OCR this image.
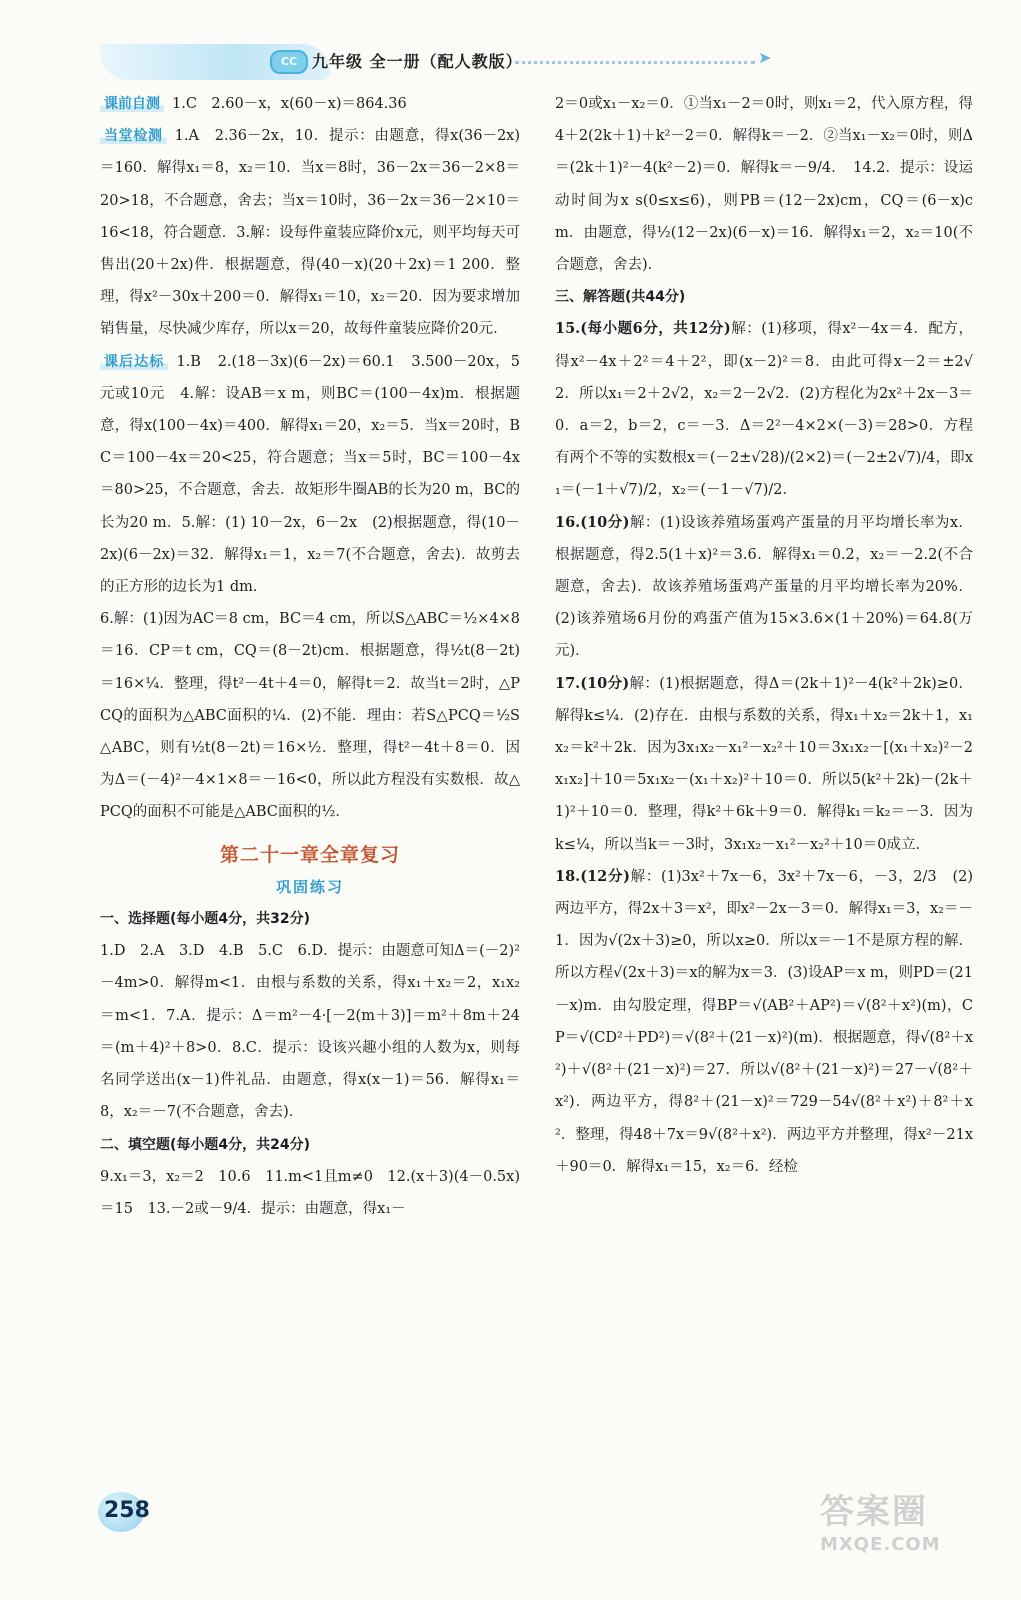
CC 九年级 全一册（配人教版）	➤

课前自测 1.C　2.60－x，x(60－x)＝864.36

当堂检测 1.A　2.36－2x，10．提示：由题意，得x(36－2x)＝160．解得x₁＝8，x₂＝10．当x＝8时，36－2x＝36－2×8＝20>18，不合题意，舍去；当x＝10时，36－2x＝36－2×10＝16<18，符合题意．3.解：设每件童装应降价x元，则平均每天可售出(20＋2x)件．根据题意，得(40－x)(20＋2x)＝1 200．整理，得x²－30x＋200＝0．解得x₁＝10，x₂＝20．因为要求增加销售量，尽快减少库存，所以x＝20，故每件童装应降价20元．

课后达标 1.B　2.(18－3x)(6－2x)＝60.1　3.500－20x，5元或10元　4.解：设AB＝x m，则BC＝(100－4x)m．根据题意，得x(100－4x)＝400．解得x₁＝20，x₂＝5．当x＝20时，BC＝100－4x＝20<25，符合题意；当x＝5时，BC＝100－4x＝80>25，不合题意，舍去．故矩形牛圈AB的长为20 m，BC的长为20 m．5.解：(1) 10－2x，6－2x　(2)根据题意，得(10－2x)(6－2x)＝32．解得x₁＝1，x₂＝7(不合题意，舍去)．故剪去的正方形的边长为1 dm．

6.解：(1)因为AC＝8 cm，BC＝4 cm，所以S△ABC＝½×4×8＝16．CP＝t cm，CQ＝(8－2t)cm．根据题意，得½t(8－2t)＝16×¼．整理，得t²－4t＋4＝0，解得t＝2．故当t＝2时，△PCQ的面积为△ABC面积的¼．(2)不能．理由：若S△PCQ＝½S△ABC，则有½t(8－2t)＝16×½．整理，得t²－4t＋8＝0．因为Δ＝(－4)²－4×1×8＝－16<0，所以此方程没有实数根．故△PCQ的面积不可能是△ABC面积的½．

第二十一章全章复习
巩固练习

一、选择题(每小题4分，共32分)

1.D　2.A　3.D　4.B　5.C　6.D．提示：由题意可知Δ＝(－2)²－4m>0．解得m<1．由根与系数的关系，得x₁＋x₂＝2，x₁x₂＝m<1．7.A．提示：Δ＝m²－4·[－2(m＋3)]＝m²＋8m＋24＝(m＋4)²＋8>0．8.C．提示：设该兴趣小组的人数为x，则每名同学送出(x－1)件礼品．由题意，得x(x－1)＝56．解得x₁＝8，x₂＝－7(不合题意，舍去)．

二、填空题(每小题4分，共24分)

9.x₁＝3，x₂＝2　10.6　11.m<1且m≠0　12.(x＋3)(4－0.5x)＝15　13.－2或－9/4．提示：由题意，得x₁－

2＝0或x₁－x₂＝0．①当x₁－2＝0时，则x₁＝2，代入原方程，得4＋2(2k＋1)＋k²－2＝0．解得k＝－2．②当x₁－x₂＝0时，则Δ＝(2k＋1)²－4(k²－2)＝0．解得k＝－9/4．　14.2．提示：设运动时间为x s(0≤x≤6)，则PB＝(12－2x)cm，CQ＝(6－x)cm．由题意，得½(12－2x)(6－x)＝16．解得x₁＝2，x₂＝10(不合题意，舍去)．

三、解答题(共44分)

15.(每小题6分，共12分)解：(1)移项，得x²－4x＝4．配方，得x²－4x＋2²＝4＋2²，即(x－2)²＝8．由此可得x－2＝±2√2．所以x₁＝2＋2√2，x₂＝2－2√2．(2)方程化为2x²＋2x－3＝0．a＝2，b＝2，c＝－3．Δ＝2²－4×2×(－3)＝28>0．方程有两个不等的实数根x＝(－2±√28)/(2×2)＝(－2±2√7)/4，即x₁＝(－1＋√7)/2，x₂＝(－1－√7)/2．

16.(10分)解：(1)设该养殖场蛋鸡产蛋量的月平均增长率为x．根据题意，得2.5(1＋x)²＝3.6．解得x₁＝0.2，x₂＝－2.2(不合题意，舍去)．故该养殖场蛋鸡产蛋量的月平均增长率为20%．(2)该养殖场6月份的鸡蛋产值为15×3.6×(1＋20%)＝64.8(万元)．

17.(10分)解：(1)根据题意，得Δ＝(2k＋1)²－4(k²＋2k)≥0．解得k≤¼．(2)存在．由根与系数的关系，得x₁＋x₂＝2k＋1，x₁x₂＝k²＋2k．因为3x₁x₂－x₁²－x₂²＋10＝3x₁x₂－[(x₁＋x₂)²－2x₁x₂]＋10＝5x₁x₂－(x₁＋x₂)²＋10＝0．所以5(k²＋2k)－(2k＋1)²＋10＝0．整理，得k²＋6k＋9＝0．解得k₁＝k₂＝－3．因为k≤¼，所以当k＝－3时，3x₁x₂－x₁²－x₂²＋10＝0成立．

18.(12分)解：(1)3x²＋7x－6，3x²＋7x－6，－3，2/3　(2)两边平方，得2x＋3＝x²，即x²－2x－3＝0．解得x₁＝3，x₂＝－1．因为√(2x＋3)≥0，所以x≥0．所以x＝－1不是原方程的解．所以方程√(2x＋3)＝x的解为x＝3．(3)设AP＝x m，则PD＝(21－x)m．由勾股定理，得BP＝√(AB²＋AP²)＝√(8²＋x²)(m)，CP＝√(CD²＋PD²)＝√(8²＋(21－x)²)(m)．根据题意，得√(8²＋x²)＋√(8²＋(21－x)²)＝27．所以√(8²＋(21－x)²)＝27－√(8²＋x²)．两边平方，得8²＋(21－x)²＝729－54√(8²＋x²)＋8²＋x²．整理，得48＋7x＝9√(8²＋x²)．两边平方并整理，得x²－21x＋90＝0．解得x₁＝15，x₂＝6．经检

258	答案圈
MXQE.COM
